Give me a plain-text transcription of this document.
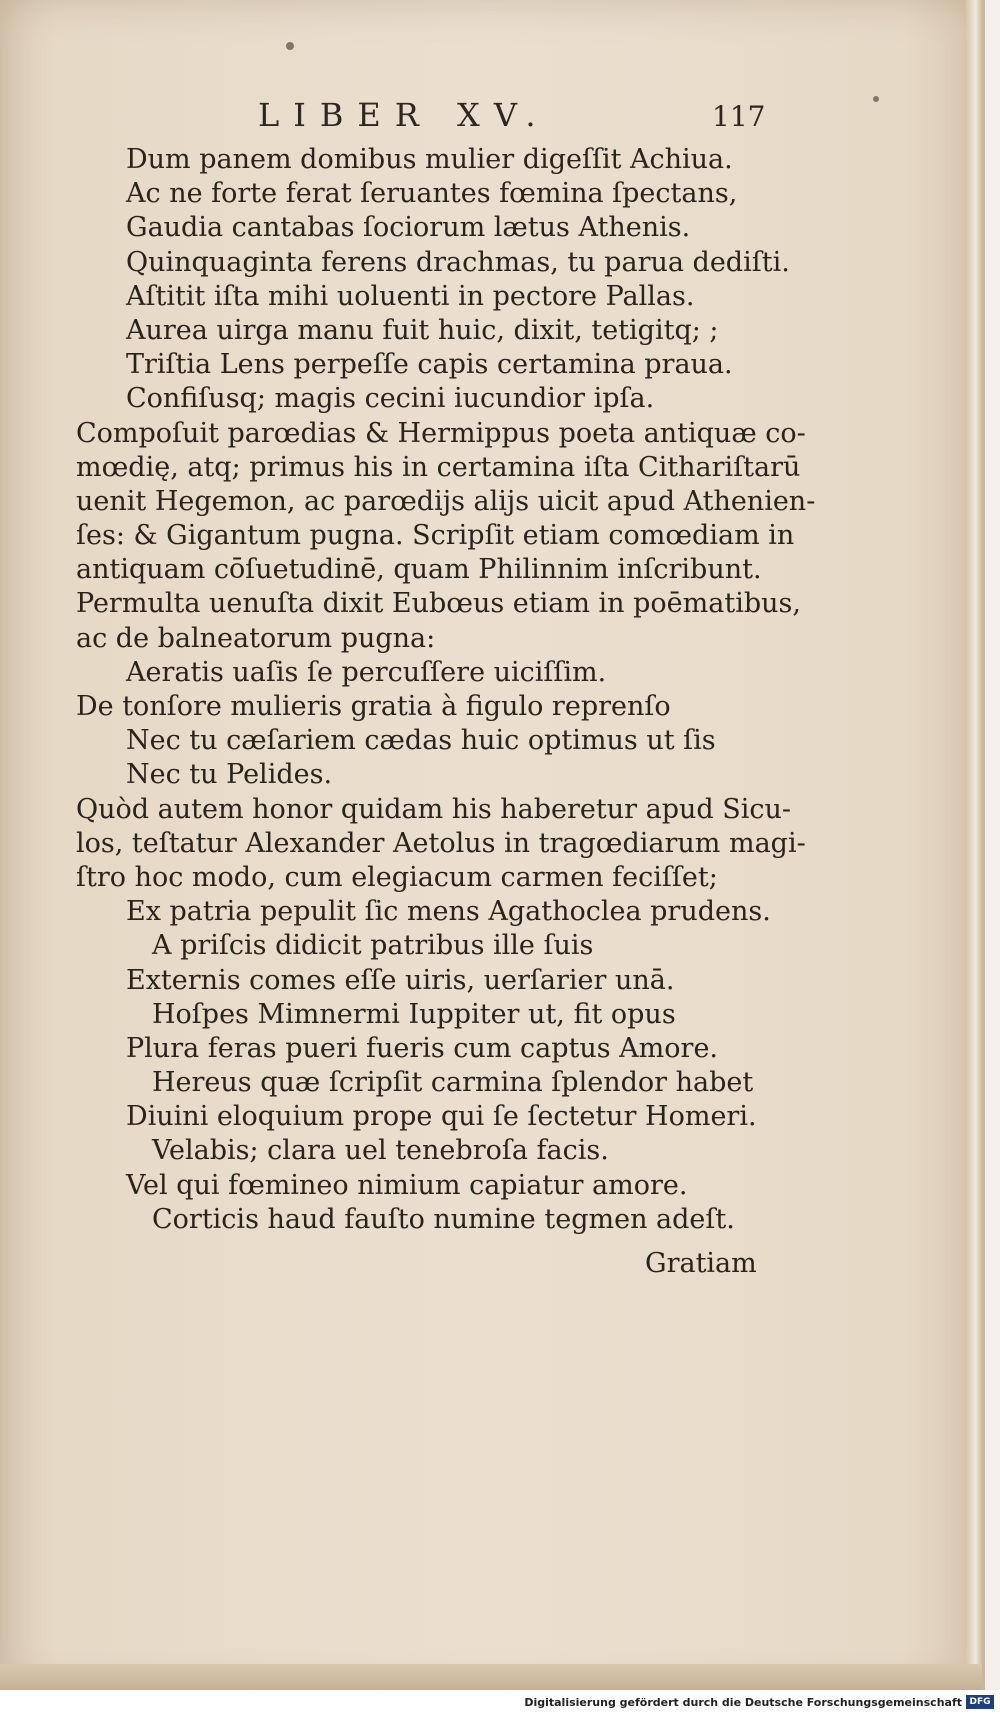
LIBER XV.	117
Dum panem domibus mulier digeſſit Achiua.
Ac ne forte ferat ſeruantes fœmina ſpectans,
Gaudia cantabas ſociorum lætus Athenis.
Quinquaginta ferens drachmas, tu parua dediſti.
Aſtitit iſta mihi uoluenti in pectore Pallas.
Aurea uirga manu fuit huic, dixit, tetigitq; ;
Triſtia Lens perpeſſe capis certamina praua.
Confiſusq; magis cecini iucundior ipſa.
Compoſuit parœdias & Hermippus poeta antiquæ co-
mœdię, atq; primus his in certamina iſta Cithariſtarū
uenit Hegemon, ac parœdijs alijs uicit apud Athenien-
ſes: & Gigantum pugna. Scripſit etiam comœdiam in
antiquam cōſuetudinē, quam Philinnim inſcribunt.
Permulta uenuſta dixit Eubœus etiam in poēmatibus,
ac de balneatorum pugna:
Aeratis uaſis ſe percuſſere uiciſſim.
De tonſore mulieris gratia à figulo reprenſo
Nec tu cæſariem cædas huic optimus ut ſis
Nec tu Pelides.
Quòd autem honor quidam his haberetur apud Sicu-
los, teſtatur Alexander Aetolus in tragœdiarum magi-
ſtro hoc modo, cum elegiacum carmen feciſſet;
Ex patria pepulit ſic mens Agathoclea prudens.
A priſcis didicit patribus ille ſuis
Externis comes eſſe uiris, uerſarier unā.
Hoſpes Mimnermi Iuppiter ut, fit opus
Plura feras pueri fueris cum captus Amore.
Hereus quæ ſcripſit carmina ſplendor habet
Diuini eloquium prope qui ſe ſectetur Homeri.
Velabis; clara uel tenebroſa facis.
Vel qui fœmineo nimium capiatur amore.
Corticis haud fauſto numine tegmen adeſt.
Gratiam
Digitalisierung gefördert durch die Deutsche Forschungsgemeinschaft DFG
